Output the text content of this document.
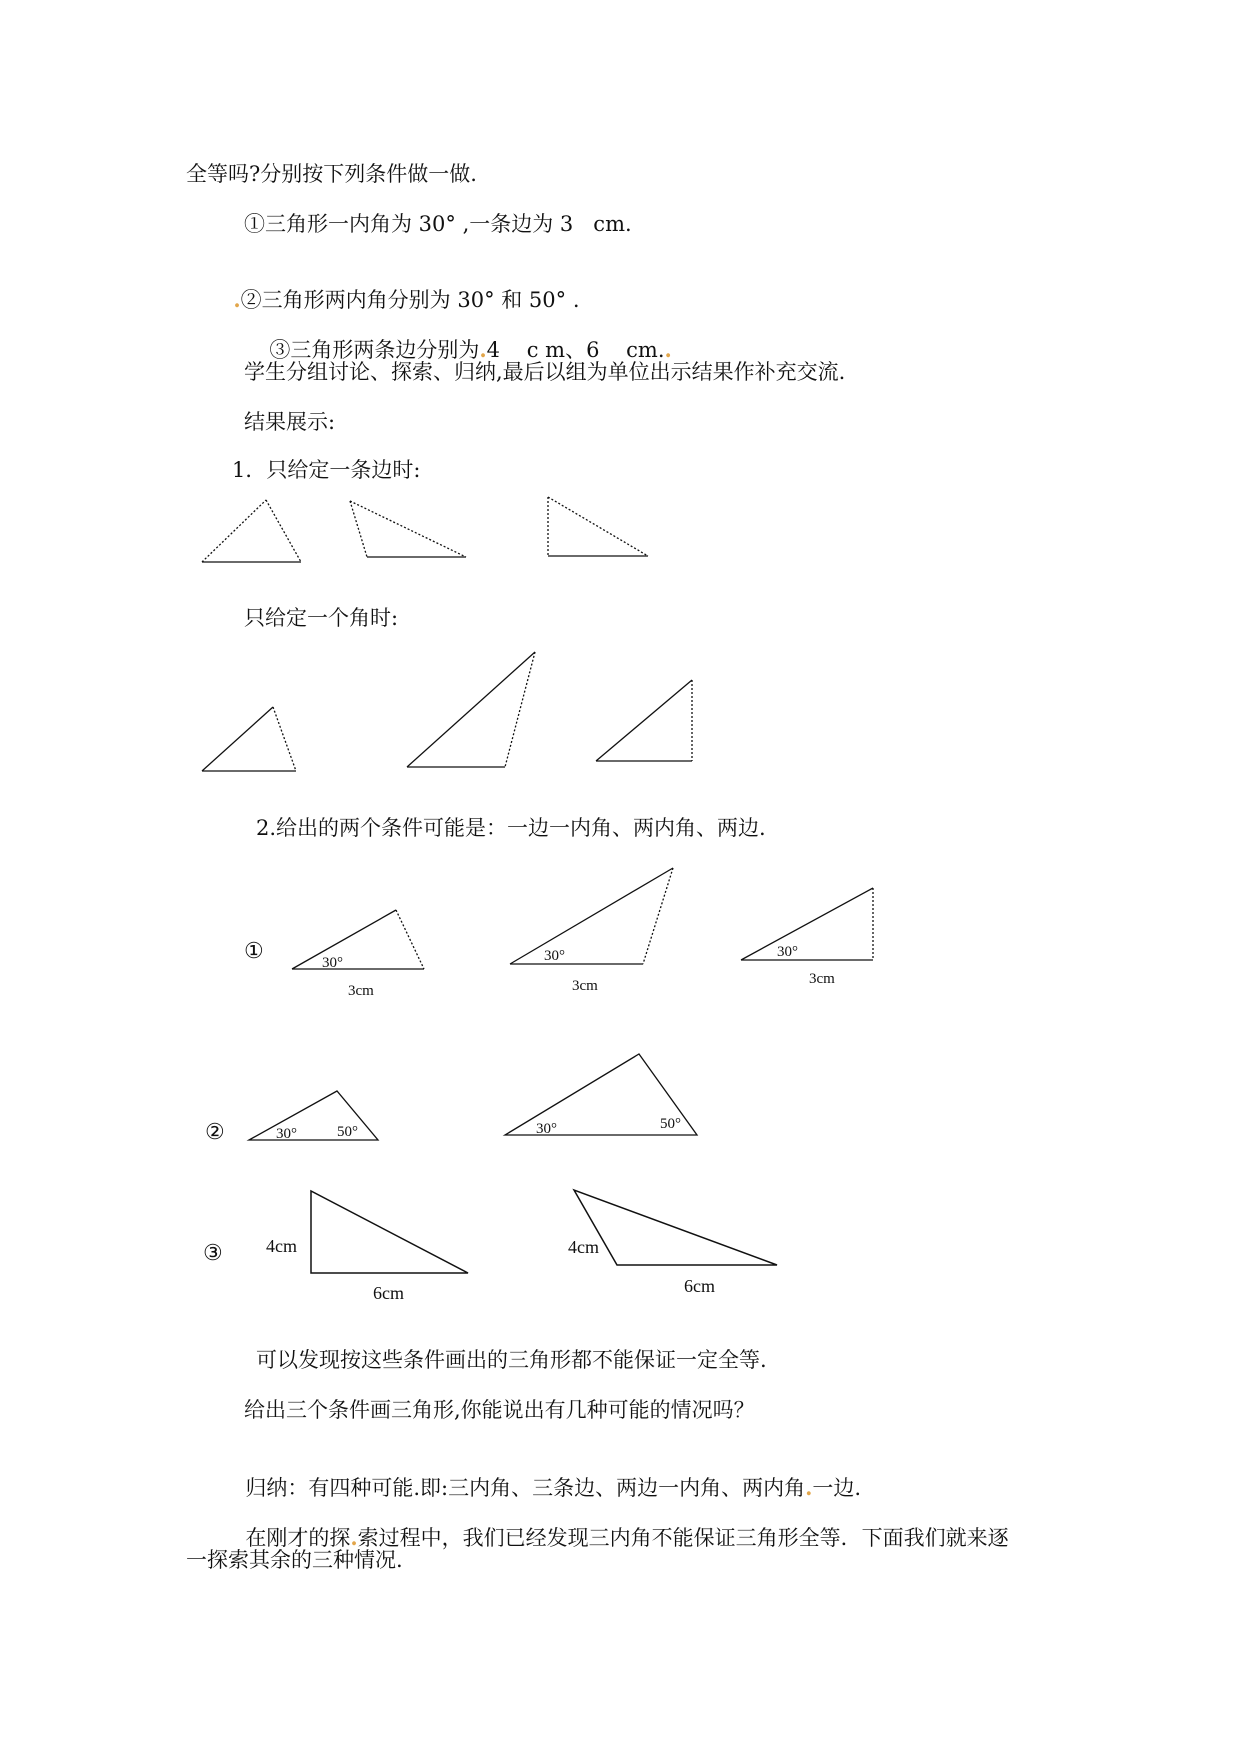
全等吗?分别按下列条件做一做.
①三角形一内角为 30° ,一条边为 3   cm.

.②三角形两内角分别为 30° 和 50° .

③三角形两条边分别为.4    c m、6    cm..

学生分组讨论、探索、归纳,最后以组为单位出示结果作补充交流.
结果展示:
1．只给定一条边时:
只给定一个角时:
2.给出的两个条件可能是：一边一内角、两内角、两边.
可以发现按这些条件画出的三角形都不能保证一定全等.
给出三个条件画三角形,你能说出有几种可能的情况吗？

归纳：有四种可能.即:三内角、三条边、两边一内角、两内角.一边.

在刚才的探.索过程中，我们已经发现三内角不能保证三角形全等．下面我们就来逐

一探索其余的三种情况.
①	30°
3cm
30°
3cm
30°
3cm
②	30°	50°	30°	50°
③ 4cm
6cm
4cm
6cm
